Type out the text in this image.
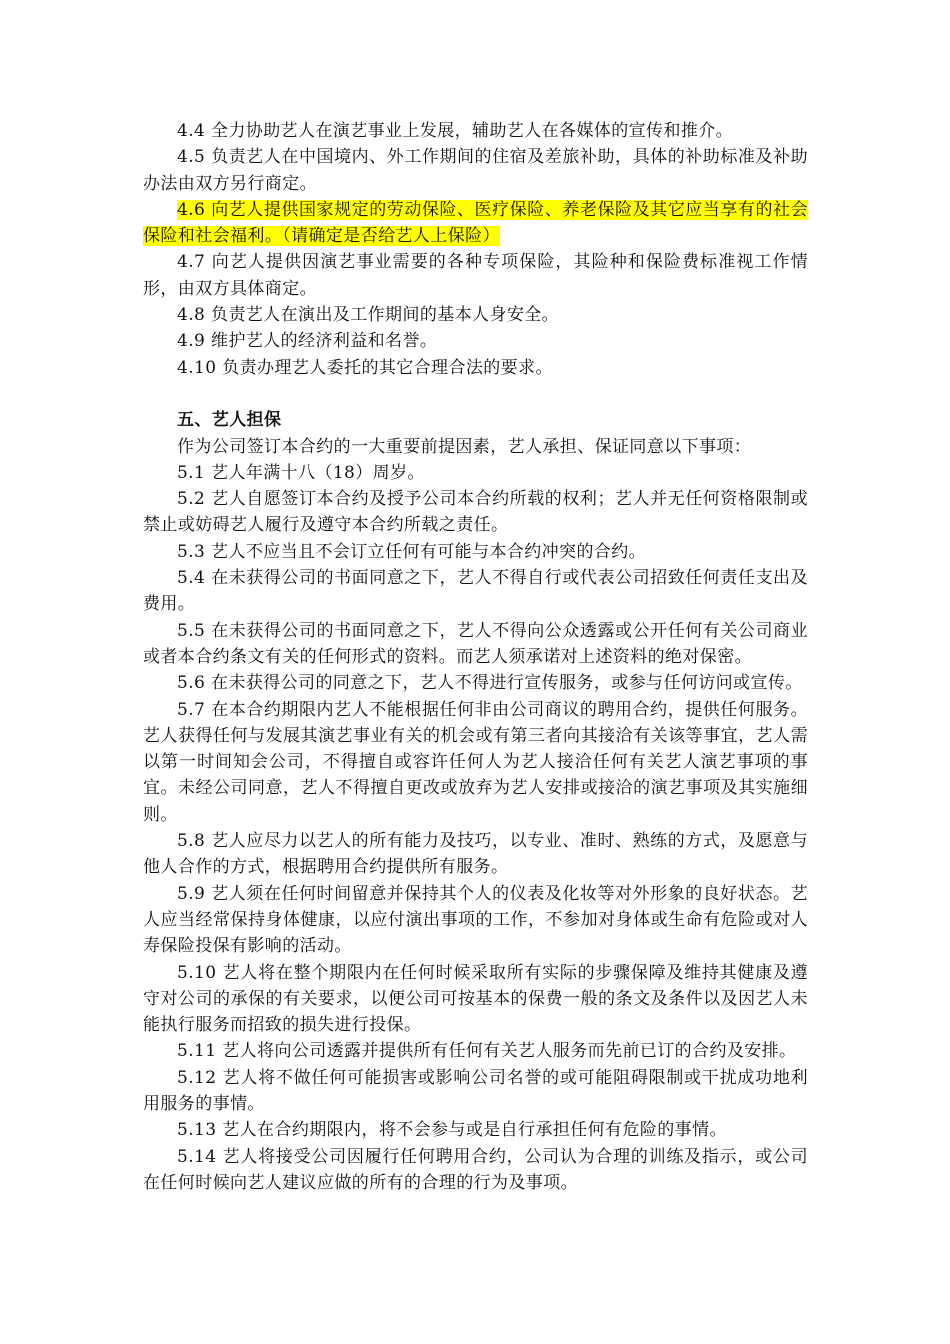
4.4 全力协助艺人在演艺事业上发展，辅助艺人在各媒体的宣传和推介。

4.5 负责艺人在中国境内、外工作期间的住宿及差旅补助，具体的补助标准及补助办法由双方另行商定。

4.6 向艺人提供国家规定的劳动保险、医疗保险、养老保险及其它应当享有的社会保险和社会福利。（请确定是否给艺人上保险）

4.7 向艺人提供因演艺事业需要的各种专项保险，其险种和保险费标准视工作情形，由双方具体商定。

4.8 负责艺人在演出及工作期间的基本人身安全。

4.9 维护艺人的经济利益和名誉。

4.10 负责办理艺人委托的其它合理合法的要求。

五、艺人担保

作为公司签订本合约的一大重要前提因素，艺人承担、保证同意以下事项：

5.1 艺人年满十八（18）周岁。

5.2 艺人自愿签订本合约及授予公司本合约所载的权利；艺人并无任何资格限制或禁止或妨碍艺人履行及遵守本合约所载之责任。

5.3 艺人不应当且不会订立任何有可能与本合约冲突的合约。

5.4 在未获得公司的书面同意之下，艺人不得自行或代表公司招致任何责任支出及费用。

5.5 在未获得公司的书面同意之下，艺人不得向公众透露或公开任何有关公司商业或者本合约条文有关的任何形式的资料。而艺人须承诺对上述资料的绝对保密。

5.6 在未获得公司的同意之下，艺人不得进行宣传服务，或参与任何访问或宣传。

5.7 在本合约期限内艺人不能根据任何非由公司商议的聘用合约，提供任何服务。艺人获得任何与发展其演艺事业有关的机会或有第三者向其接洽有关该等事宜，艺人需以第一时间知会公司，不得擅自或容许任何人为艺人接洽任何有关艺人演艺事项的事宜。未经公司同意，艺人不得擅自更改或放弃为艺人安排或接洽的演艺事项及其实施细则。

5.8 艺人应尽力以艺人的所有能力及技巧，以专业、准时、熟练的方式，及愿意与他人合作的方式，根据聘用合约提供所有服务。

5.9 艺人须在任何时间留意并保持其个人的仪表及化妆等对外形象的良好状态。艺人应当经常保持身体健康，以应付演出事项的工作，不参加对身体或生命有危险或对人寿保险投保有影响的活动。

5.10 艺人将在整个期限内在任何时候采取所有实际的步骤保障及维持其健康及遵守对公司的承保的有关要求，以便公司可按基本的保费一般的条文及条件以及因艺人未能执行服务而招致的损失进行投保。

5.11 艺人将向公司透露并提供所有任何有关艺人服务而先前已订的合约及安排。

5.12 艺人将不做任何可能损害或影响公司名誉的或可能阻碍限制或干扰成功地利用服务的事情。

5.13 艺人在合约期限内，将不会参与或是自行承担任何有危险的事情。

5.14 艺人将接受公司因履行任何聘用合约，公司认为合理的训练及指示，或公司在任何时候向艺人建议应做的所有的合理的行为及事项。
